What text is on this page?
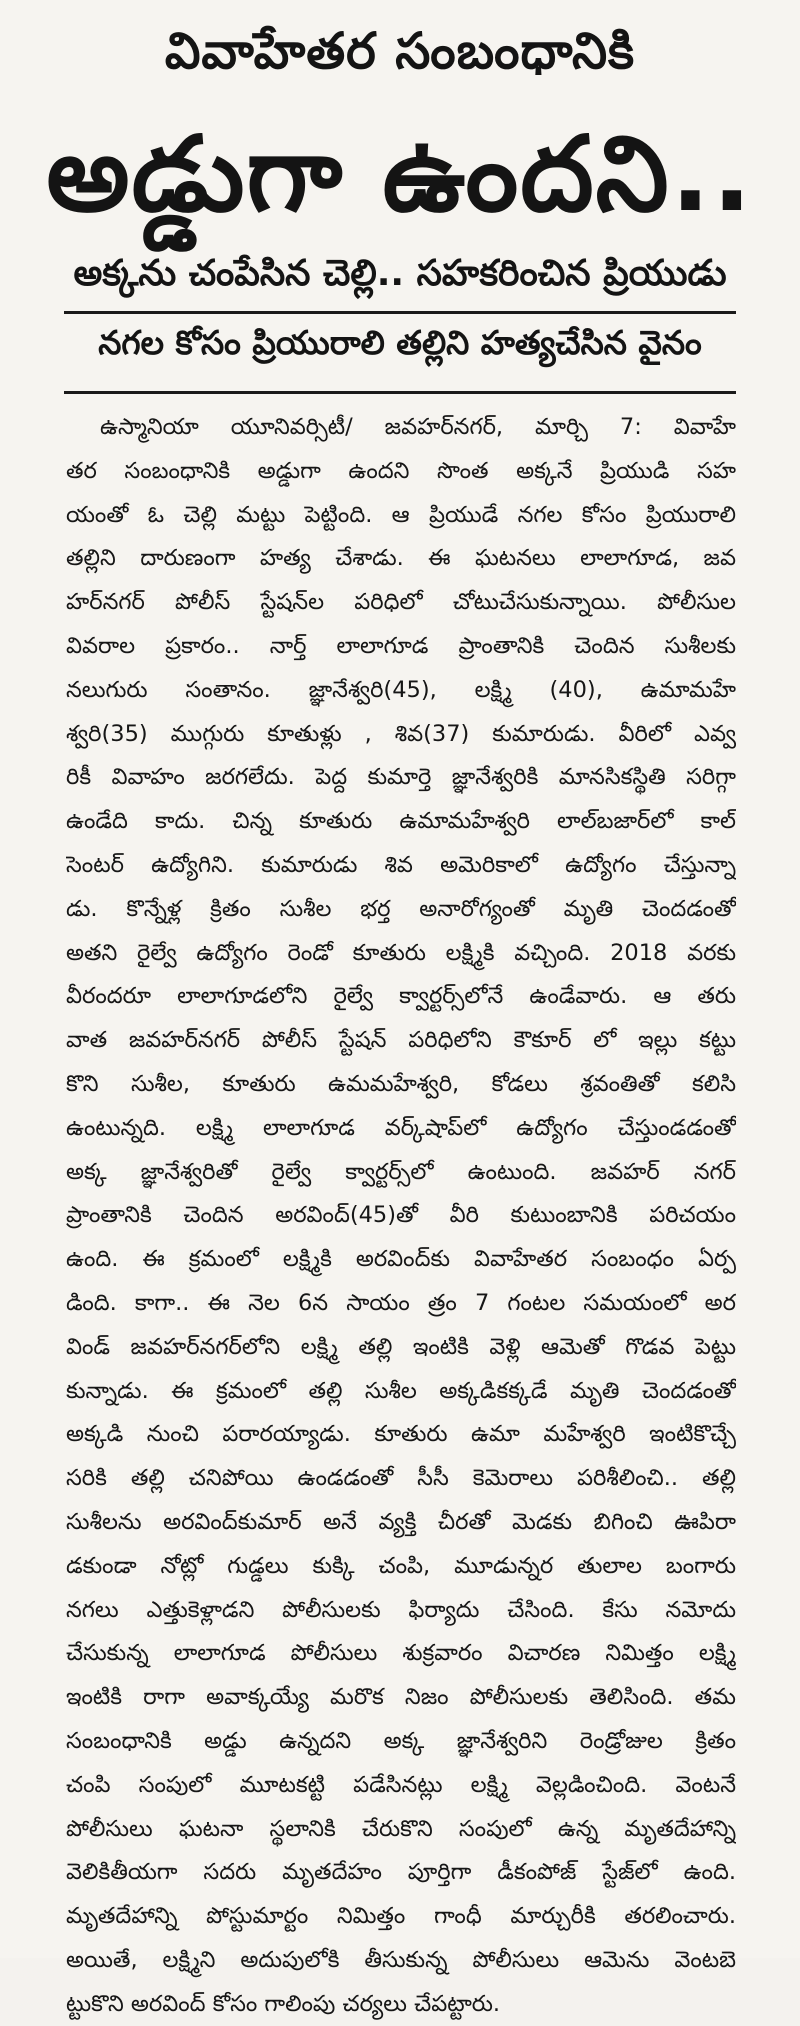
వివాహేతర సంబంధానికి
అడ్డుగా ఉందని..
అక్కను చంపేసిన చెల్లి.. సహకరించిన ప్రియుడు
నగల కోసం ప్రియురాలి తల్లిని హత్యచేసిన వైనం
ఉస్మానియా యూనివర్సిటీ/ జవహర్‌నగర్, మార్చి 7: వివాహే
తర సంబంధానికి అడ్డుగా ఉందని సొంత అక్కనే ప్రియుడి సహ
యంతో ఓ చెల్లి మట్టు పెట్టింది. ఆ ప్రియుడే నగల కోసం ప్రియురాలి
తల్లిని దారుణంగా హత్య చేశాడు. ఈ ఘటనలు లాలాగూడ, జవ
హర్‌నగర్ పోలీస్ స్టేషన్‌ల పరిధిలో చోటుచేసుకున్నాయి. పోలీసుల
వివరాల ప్రకారం.. నార్త్ లాలాగూడ ప్రాంతానికి చెందిన సుశీలకు
నలుగురు సంతానం. జ్ఞానేశ్వరి(45), లక్ష్మి (40), ఉమామహే
శ్వరి(35) ముగ్గురు కూతుళ్లు , శివ(37) కుమారుడు. వీరిలో ఎవ్వ
రికీ వివాహం జరగలేదు. పెద్ద కుమార్తె జ్ఞానేశ్వరికి మానసికస్థితి సరిగ్గా
ఉండేది కాదు. చిన్న కూతురు ఉమామహేశ్వరి లాల్‌బజార్‌లో కాల్
సెంటర్ ఉద్యోగిని. కుమారుడు శివ అమెరికాలో ఉద్యోగం చేస్తున్నా
డు. కొన్నేళ్ల క్రితం సుశీల భర్త అనారోగ్యంతో మృతి చెందడంతో
అతని రైల్వే ఉద్యోగం రెండో కూతురు లక్ష్మికి వచ్చింది. 2018 వరకు
వీరందరూ లాలాగూడలోని రైల్వే క్వార్టర్స్‌లోనే ఉండేవారు. ఆ తరు
వాత జవహర్‌నగర్ పోలీస్ స్టేషన్ పరిధిలోని కౌకూర్ లో ఇల్లు కట్టు
కొని సుశీల, కూతురు ఉమమహేశ్వరి, కోడలు శ్రవంతితో కలిసి
ఉంటున్నది. లక్ష్మి లాలాగూడ వర్క్‌షాప్‌లో ఉద్యోగం చేస్తుండడంతో
అక్క జ్ఞానేశ్వరితో రైల్వే క్వార్టర్స్‌లో ఉంటుంది. జవహర్ నగర్
ప్రాంతానికి చెందిన అరవింద్(45)తో వీరి కుటుంబానికి పరిచయం
ఉంది. ఈ క్రమంలో లక్ష్మికి అరవింద్‌కు వివాహేతర సంబంధం ఏర్ప
డింది. కాగా.. ఈ నెల 6న సాయం త్రం 7 గంటల సమయంలో అర
విండ్ జవహర్‌నగర్‌లోని లక్ష్మి తల్లి ఇంటికి వెళ్లి ఆమెతో గొడవ పెట్టు
కున్నాడు. ఈ క్రమంలో తల్లి సుశీల అక్కడికక్కడే మృతి చెందడంతో
అక్కడి నుంచి పరారయ్యాడు. కూతురు ఉమా మహేశ్వరి ఇంటికొచ్చే
సరికి తల్లి చనిపోయి ఉండడంతో సీసీ కెమెరాలు పరిశీలించి.. తల్లి
సుశీలను అరవింద్‌కుమార్ అనే వ్యక్తి చీరతో మెడకు బిగించి ఊపిరా
డకుండా నోట్లో గుడ్డలు కుక్కి చంపి, మూడున్నర తులాల బంగారు
నగలు ఎత్తుకెళ్లాడని పోలీసులకు ఫిర్యాదు చేసింది. కేసు నమోదు
చేసుకున్న లాలాగూడ పోలీసులు శుక్రవారం విచారణ నిమిత్తం లక్ష్మి
ఇంటికి రాగా అవాక్కయ్యే మరొక నిజం పోలీసులకు తెలిసింది. తమ
సంబంధానికి అడ్డు ఉన్నదని అక్క జ్ఞానేశ్వరిని రెండ్రోజుల క్రితం
చంపి సంపులో మూటకట్టి పడేసినట్లు లక్ష్మి వెల్లడించింది. వెంటనే
పోలీసులు ఘటనా స్థలానికి చేరుకొని సంపులో ఉన్న మృతదేహాన్ని
వెలికితీయగా సదరు మృతదేహం పూర్తిగా డీకంపోజ్ స్టేజ్‌లో ఉంది.
మృతదేహాన్ని పోస్టుమార్టం నిమిత్తం గాంధీ మార్చురీకి తరలించారు.
అయితే, లక్ష్మిని అదుపులోకి తీసుకున్న పోలీసులు ఆమెను వెంటబె
ట్టుకొని అరవింద్ కోసం గాలింపు చర్యలు చేపట్టారు.
